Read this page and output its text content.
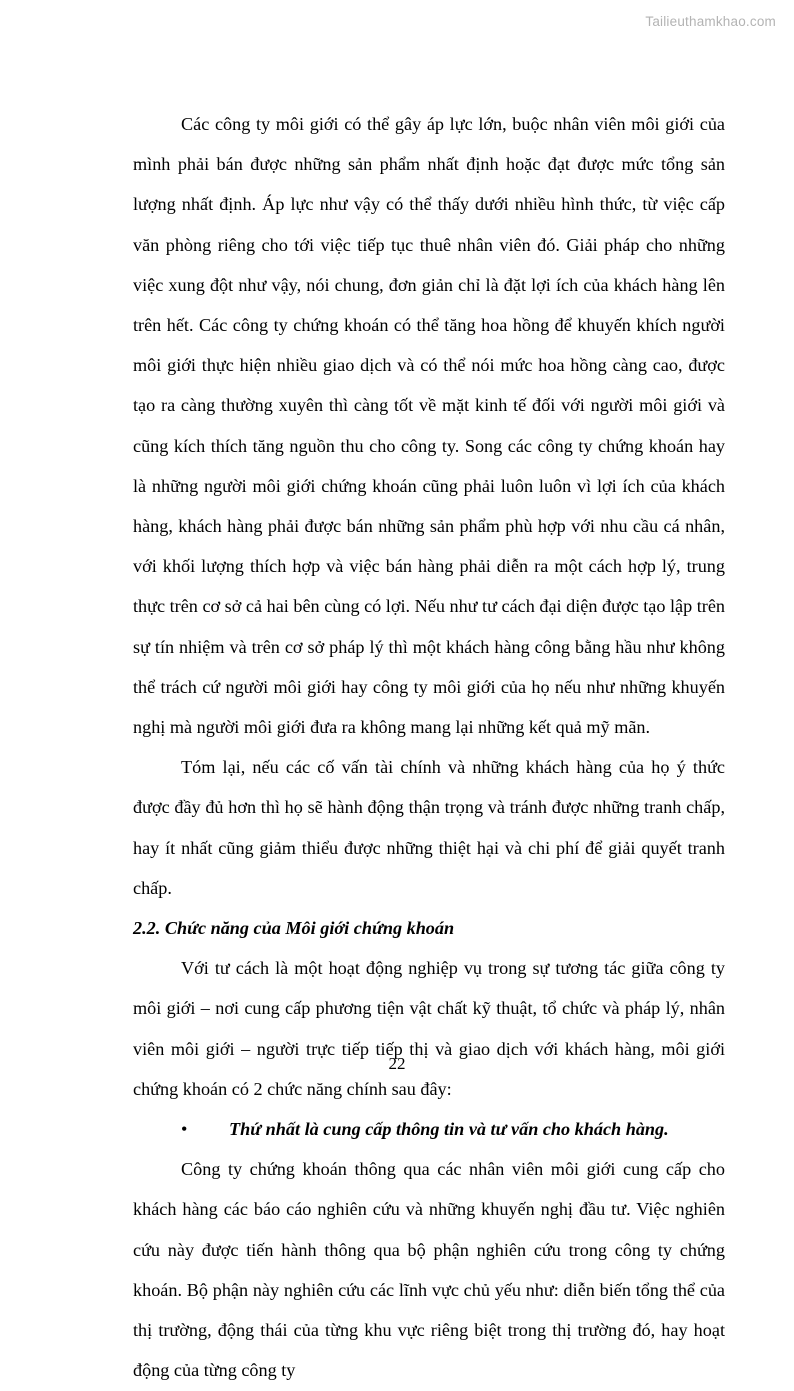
Tailieuthamkhao.com

Các công ty môi giới có thể gây áp lực lớn, buộc nhân viên môi giới của mình phải bán được những sản phẩm nhất định hoặc đạt được mức tổng sản lượng nhất định. Áp lực như vậy có thể thấy dưới nhiều hình thức, từ việc cấp văn phòng riêng cho tới việc tiếp tục thuê nhân viên đó. Giải pháp cho những việc xung đột như vậy, nói chung, đơn giản chỉ là đặt lợi ích của khách hàng lên trên hết. Các công ty chứng khoán có thể tăng hoa hồng để khuyến khích người môi giới thực hiện nhiều giao dịch và có thể nói mức hoa hồng càng cao, được tạo ra càng thường xuyên thì càng tốt về mặt kinh tế đối với người môi giới và cũng kích thích tăng nguồn thu cho công ty. Song các công ty chứng khoán hay là những người môi giới chứng khoán cũng phải luôn luôn vì lợi ích của khách hàng, khách hàng phải được bán những sản phẩm phù hợp với nhu cầu cá nhân, với khối lượng thích hợp và việc bán hàng phải diễn ra một cách hợp lý, trung thực trên cơ sở cả hai bên cùng có lợi. Nếu như tư cách đại diện được tạo lập trên sự tín nhiệm và trên cơ sở pháp lý thì một khách hàng công bằng hầu như không thể trách cứ người môi giới hay công ty môi giới của họ nếu như những khuyến nghị mà người môi giới đưa ra không mang lại những kết quả mỹ mãn.

Tóm lại, nếu các cố vấn tài chính và những khách hàng của họ ý thức được đầy đủ hơn thì họ sẽ hành động thận trọng và tránh được những tranh chấp, hay ít nhất cũng giảm thiểu được những thiệt hại và chi phí để giải quyết tranh chấp.

2.2. Chức năng của Môi giới chứng khoán

Với tư cách là một hoạt động nghiệp vụ trong sự tương tác giữa công ty môi giới – nơi cung cấp phương tiện vật chất kỹ thuật, tổ chức và pháp lý, nhân viên môi giới – người trực tiếp tiếp thị và giao dịch với khách hàng, môi giới chứng khoán có 2 chức năng chính sau đây:

• Thứ nhất là cung cấp thông tin và tư vấn cho khách hàng.

Công ty chứng khoán thông qua các nhân viên môi giới cung cấp cho khách hàng các báo cáo nghiên cứu và những khuyến nghị đầu tư. Việc nghiên cứu này được tiến hành thông qua bộ phận nghiên cứu trong công ty chứng khoán. Bộ phận này nghiên cứu các lĩnh vực chủ yếu như: diễn biến tổng thể của thị trường, động thái của từng khu vực riêng biệt trong thị trường đó, hay hoạt động của từng công ty

22
